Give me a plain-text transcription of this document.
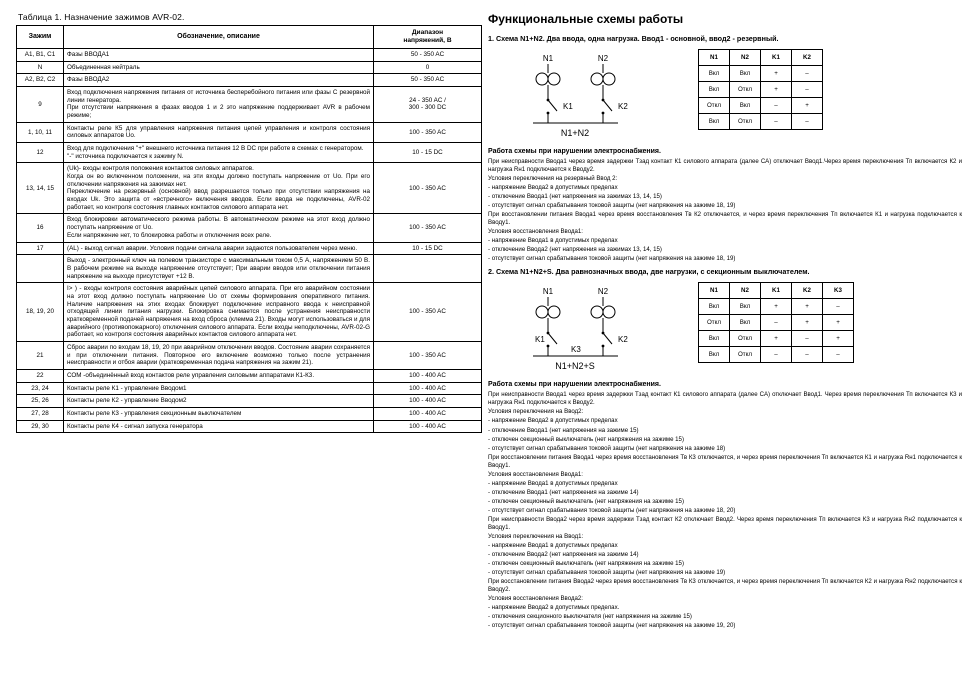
Таблица 1. Назначение зажимов AVR-02.
Зажим	Обозначение, описание	Диапазон
напряжений, В

A1, B1, C1	Фазы ВВОДА1	50 - 350 AC
N	Объединенная нейтраль	0
A2, B2, C2	Фазы ВВОДА2	50 - 350 AC
9	Вход подключения напряжения питания от источника бесперебойного питания или фазы С резервной линии генератора.
При отсутствии напряжения в фазах вводов 1 и 2 это напряжение поддерживает AVR в рабочем режиме;	24 - 350 AC /
300 - 300 DC
1, 10, 11	Контакты реле К5 для управления напряжения питания цепей управления и контроля состояния силовых аппаратов Uo.	100 - 350 AC
12	Вход для подключения "+" внешнего источника питания 12 В DC при работе в схемах с генератором.
"-" источника подключается к зажиму N.	10 - 15 DC
13, 14, 15	(Uk)- входы контроля положения контактов силовых аппаратов.
Когда он во включенном положении, на эти входы должно поступать напряжение от Uo. При его отключении напряжения на зажимах нет.
Переключение на резервный (основной) ввод разрешается только при отсутствии напряжения на входах Uk. Это защита от «встречного» включения вводов. Если ввода не подключены, AVR-02 работает, но контроля состояния главных контактов силового аппарата нет.	100 - 350 AC
16	Вход блокировки автоматического режима работы. В автоматическом режиме на этот вход должно поступать напряжение от Uo.
Если напряжение нет, то блокировка работы и отключения всех реле.	100 - 350 AC
17	(AL) - выход сигнал аварии. Условия подачи сигнала аварии задаются пользователем через меню.	10 - 15 DC
	Выход - электронный ключ на полевом транзисторе с максимальным током 0,5 А, напряжением 50 В. В рабочем режиме на выходе напряжение отсутствует; При аварии вводов или отключении питания напряжение на выходе присутствует +12 В.	
18, 19, 20	I> ) - входы контроля состояния аварийных цепей силового аппарата. При его аварийном состоянии на этот вход должно поступать напряжение Uo от схемы формирования оперативного питания. Наличие напряжения на этих входах блокирует подключение исправного ввода к неисправной отходящей линии питания нагрузки. Блокировка снимается после устранения неисправности кратковременной подачей напряжения на вход сброса (клемма 21). Входы могут использоваться и для аварийного (противопожарного) отключения силового аппарата. Если входы неподключены, AVR-02-G работает, но контроля состояния аварийных контактов силового аппарата нет.	100 - 350 AC
21	Сброс аварии по входам 18, 19, 20 при аварийном отключении вводов. Состояние аварии сохраняется и при отключении питания. Повторное его включение возможно только после устранения неисправности и отбоя аварии (кратковременная подача напряжения на зажим 21).	100 - 350 AC
22	СОМ -объединённый вход контактов реле управления силовыми аппаратами К1-К3.	100 - 400 AC
23, 24	Контакты реле К1 - управление Вводом1	100 - 400 AC
25, 26	Контакты реле К2 - управление Вводом2	100 - 400 AC
27, 28	Контакты реле К3 - управления секционным выключателем	100 - 400 AC
29, 30	Контакты реле К4 - сигнал запуска генератора	100 - 400 AC
Функциональные схемы работы
1. Схема N1+N2. Два ввода, одна нагрузка. Ввод1 - основной, ввод2 - резервный.
N1	N2
K1	K2
N1+N2
N1	N2	K1	K2
Вкл	Вкл	+	–
Вкл	Откл	+	–
Откл	Вкл	–	+
Вкл	Откл	–	–
Работа схемы при нарушении электроснабжения.
При неисправности Ввода1 через время задержки Тзад контакт К1 силового аппарата (далее СА) отключает Ввод1.Через время переключения Тп включается К2 и нагрузка Rн1 подключается к Вводу2.
Условия переключения на резервный Ввод 2:
- напряжение Ввода2 в допустимых пределах
- отключение Ввода1 (нет напряжения на зажимах 13, 14, 15)
- отсутствует сигнал срабатывания токовой защиты (нет напряжения на зажиме 18, 19)
При восстановлении питания Ввода1 через время восстановления Тв К2 отключается, и через время переключения Тп включается К1 и нагрузка подключается к Вводу1.
Условия восстановления Ввода1:
- напряжение Ввода1 в допустимых пределах
- отключение Ввода2 (нет напряжения на зажимах 13, 14, 15)
- отсутствует сигнал срабатывания токовой защиты (нет напряжения на зажиме 18, 19)
2. Схема N1+N2+S. Два равнозначных ввода, две нагрузки, с секционным выключателем.
N1	N2
K1	K2
K3
N1+N2+S
N1	N2	K1	K2	K3
Вкл	Вкл	+	+	–
Откл	Вкл	–	+	+
Вкл	Откл	+	–	+
Вкл	Откл	–	–	–
Работа схемы при нарушении электроснабжения.
При неисправности Ввода1 через время задержки Тзад контакт К1 силового аппарата (далее СА) отключает Ввод1. Через время переключения Тп включается К3 и нагрузка Rн1 подключается к Вводу2.
Условия переключения на Ввод2:
- напряжение Ввода2 в допустимых пределах
- отключение Ввода1 (нет напряжения на зажиме 15)
- отключен секционный выключатель (нет напряжения на зажиме 15)
- отсутствует сигнал срабатывания токовой защиты (нет напряжения на зажиме 18)
При восстановлении питания Ввода1 через время восстановления Тв К3 отключается, и через время переключения Тп включается К1 и нагрузка Rн1 подключается к Вводу1.
Условия восстановления Ввода1:
- напряжение Ввода1 в допустимых пределах
- отключение Ввода1 (нет напряжения на зажиме 14)
- отключен секционный выключатель (нет напряжения на зажиме 15)
- отсутствует сигнал срабатывания токовой защиты (нет напряжения на зажиме 18, 20)
При неисправности Ввода2 через время задержки Тзад контакт К2 отключает Ввод2. Через время переключения Тп включается К3 и нагрузка Rн2 подключается к Вводу1.
Условия переключения на Ввод1:
- напряжение Ввода1 в допустимых пределах
- отключение Ввода2 (нет напряжения на зажиме 14)
- отключен секционный выключатель (нет напряжения на зажиме 15)
- отсутствует сигнал срабатывания токовой защиты (нет напряжения на зажиме 19)
При восстановлении питания Ввода2 через время восстановления Тв К3 отключается, и через время переключения Тп включается К2 и нагрузка Rн2 подключается к Вводу2.
Условия восстановления Ввода2:
- напряжение Ввода2 в допустимых пределах.
- отключения секционного выключателя (нет напряжения на зажиме 15)
- отсутствует сигнал срабатывания токовой защиты (нет напряжения на зажиме 19, 20)
